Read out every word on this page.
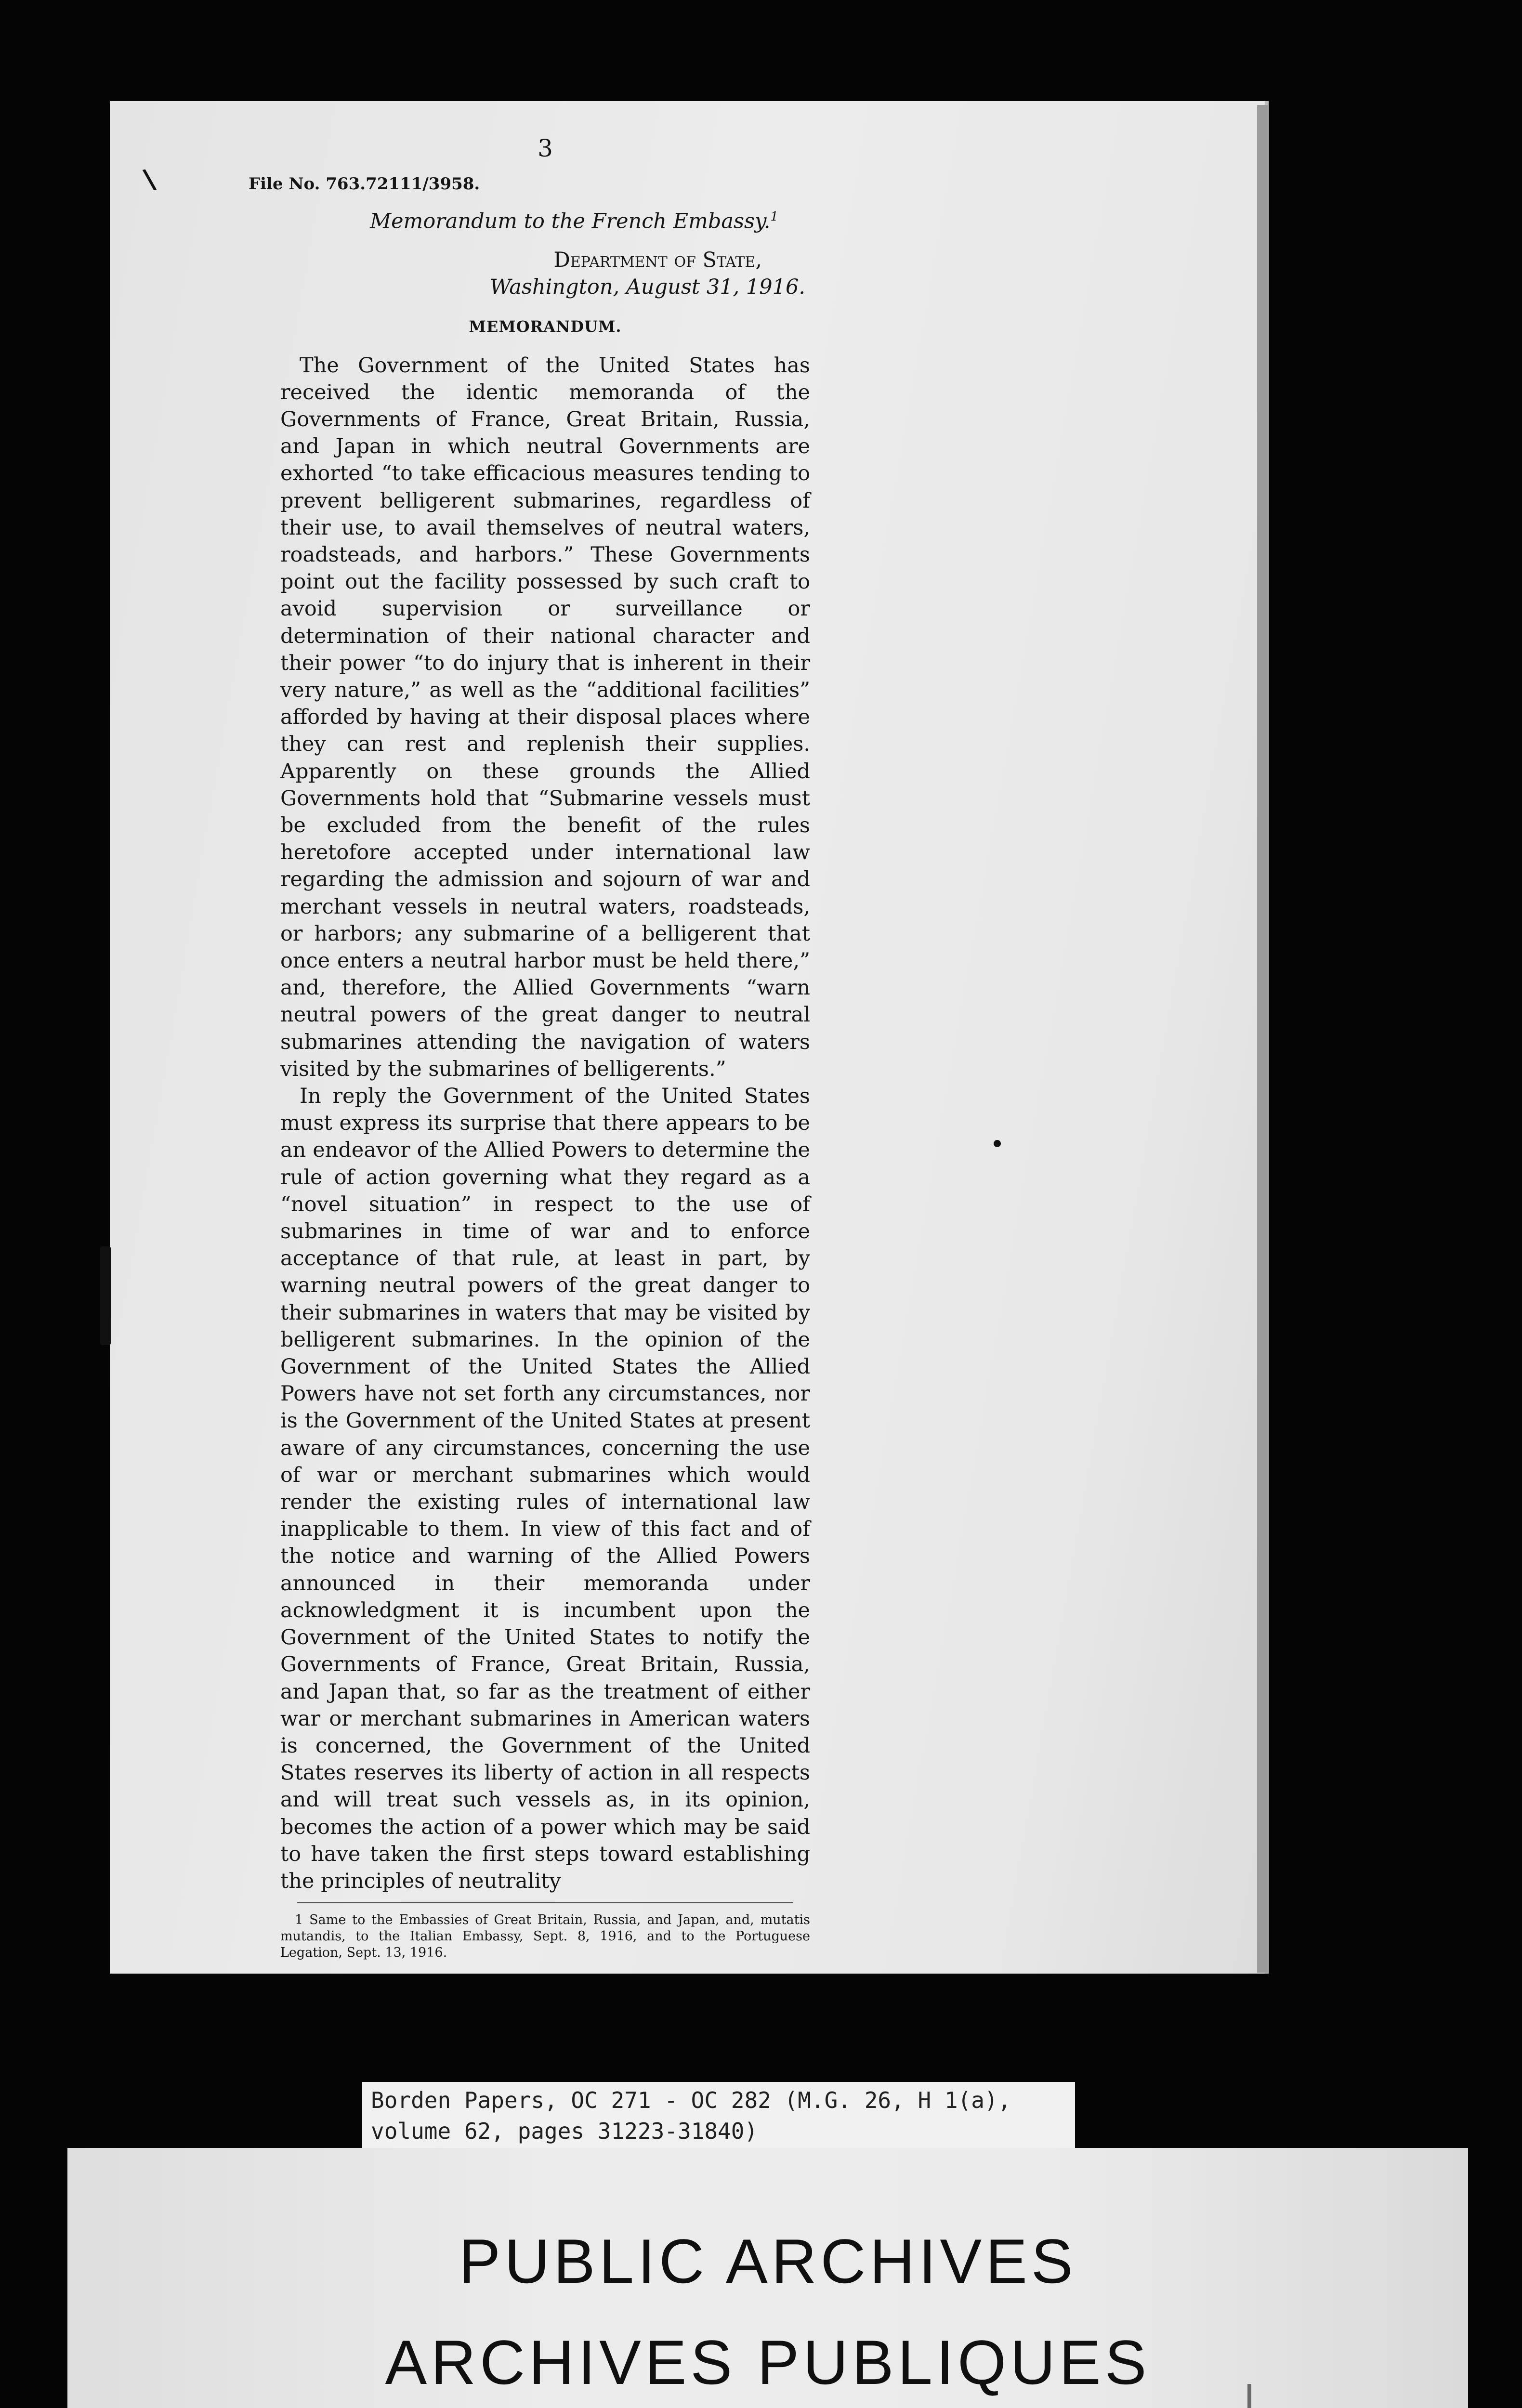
\
3
File No. 763.72111/3958.
Memorandum to the French Embassy.$^1$
Department of State,
Washington, August 31, 1916.
MEMORANDUM.

The Government of the United States has received the identic memoranda of the Governments of France, Great Britain, Russia, and Japan in which neutral Governments are exhorted “to take efficacious measures tending to prevent belligerent submarines, regardless of their use, to avail themselves of neutral waters, roadsteads, and harbors.” These Governments point out the facility possessed by such craft to avoid supervision or surveillance or determination of their national character and their power “to do injury that is inherent in their very nature,” as well as the “additional facilities” afforded by having at their disposal places where they can rest and replenish their supplies. Apparently on these grounds the Allied Governments hold that “Submarine vessels must be excluded from the benefit of the rules heretofore accepted under international law regarding the admission and sojourn of war and merchant vessels in neutral waters, roadsteads, or harbors; any submarine of a belligerent that once enters a neutral harbor must be held there,” and, therefore, the Allied Governments “warn neutral powers of the great danger to neutral submarines attending the navigation of waters visited by the submarines of belligerents.”

In reply the Government of the United States must express its surprise that there appears to be an endeavor of the Allied Powers to determine the rule of action governing what they regard as a “novel situation” in respect to the use of submarines in time of war and to enforce acceptance of that rule, at least in part, by warning neutral powers of the great danger to their submarines in waters that may be visited by belligerent submarines. In the opinion of the Government of the United States the Allied Powers have not set forth any circumstances, nor is the Government of the United States at present aware of any circumstances, concerning the use of war or merchant submarines which would render the existing rules of international law inapplicable to them. In view of this fact and of the notice and warning of the Allied Powers announced in their memoranda under acknowledgment it is incumbent upon the Government of the United States to notify the Governments of France, Great Britain, Russia, and Japan that, so far as the treatment of either war or merchant submarines in American waters is concerned, the Government of the United States reserves its liberty of action in all respects and will treat such vessels as, in its opinion, becomes the action of a power which may be said to have taken the first steps toward establishing the principles of neutrality

1 Same to the Embassies of Great Britain, Russia, and Japan, and, mutatis mutandis, to the Italian Embassy, Sept. 8, 1916, and to the Portuguese Legation, Sept. 13, 1916.

Borden Papers, OC 271 - OC 282 (M.G. 26, H 1(a),
volume 62, pages 31223-31840)
PUBLIC ARCHIVES
ARCHIVES PUBLIQUES
